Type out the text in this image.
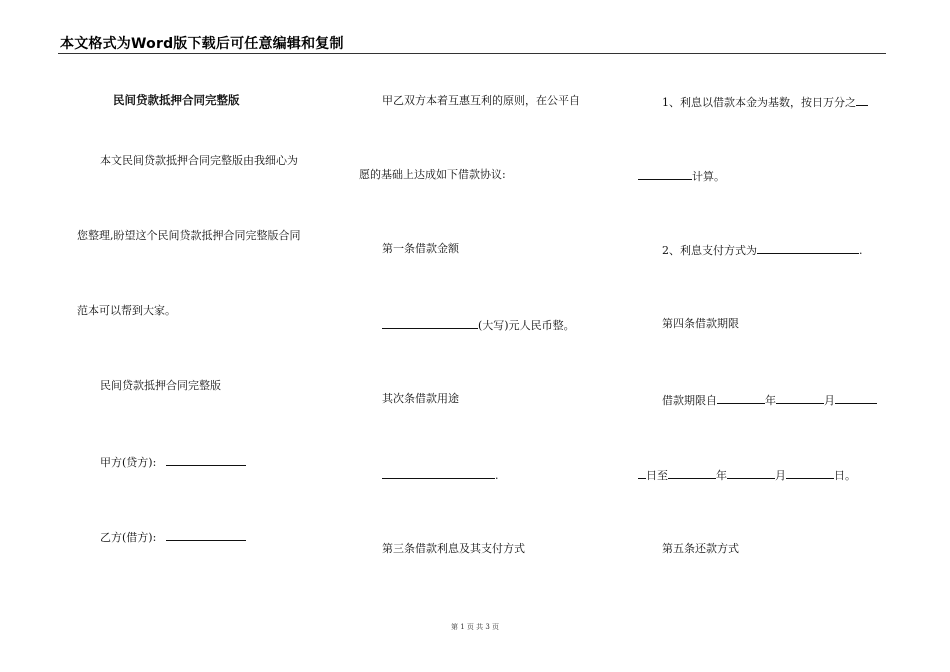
本文格式为Word版下载后可任意编辑和复制
民间贷款抵押合同完整版
本文民间贷款抵押合同完整版由我细心为
您整理,盼望这个民间贷款抵押合同完整版合同
范本可以帮到大家。
民间贷款抵押合同完整版
甲方(贷方):
乙方(借方):
甲乙双方本着互惠互利的原则，在公平自
愿的基础上达成如下借款协议:
第一条借款金额
(大写)元人民币整。
其次条借款用途
.
第三条借款利息及其支付方式
1、利息以借款本金为基数，按日万分之
计算。
2、利息支付方式为	.
第四条借款期限
借款期限自	年	月
日至	年	月	日。
第五条还款方式
第 1 页 共 3 页
